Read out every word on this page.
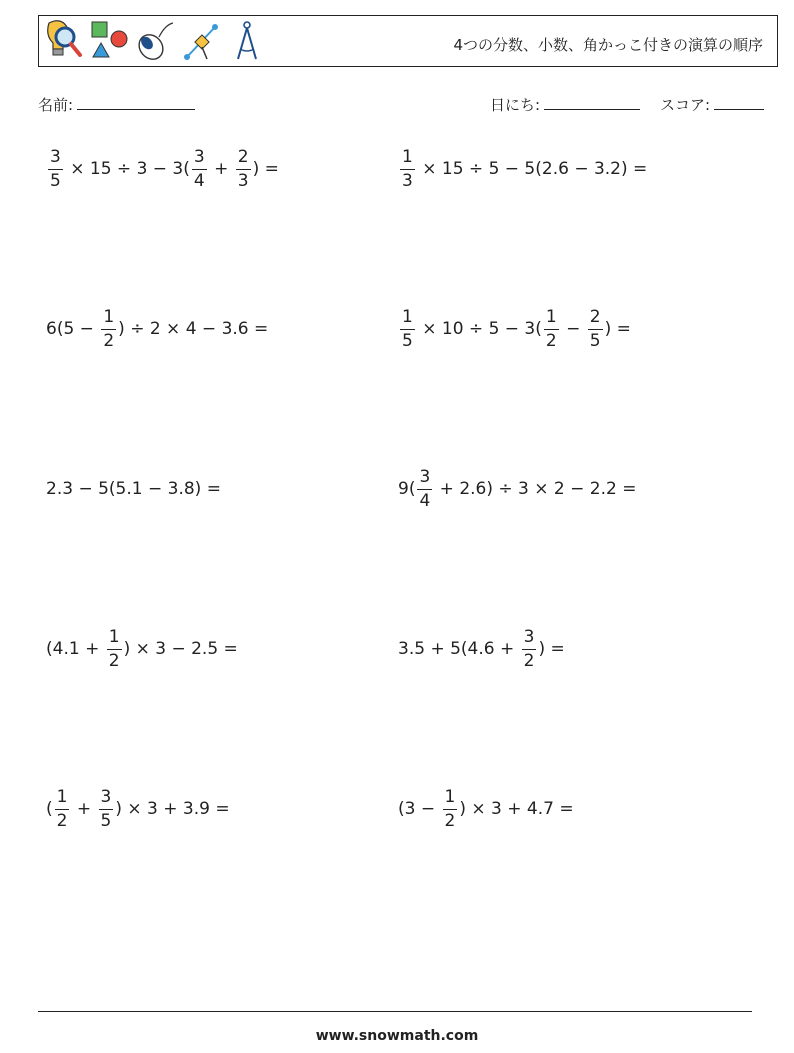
4つの分数、小数、角かっこ付きの演算の順序
名前:	日にち:	スコア:
$\frac{3}{5} \times 15 \div 3 - 3( \frac{3}{4} + \frac{2}{3}$ ) =	$\frac{1}{3} \times 15 \div 5 - 5(2.6 - 3.2)$ =
$6(5 - \frac{1}{2}$ ) ÷ 2 × 4 − 3.6 =	$\frac{1}{5} \times 10 \div 5 - 3( \frac{1}{2} - \frac{2}{5}$ ) =
2.3 − 5(5.1 − 3.8) =	$9( \frac{3}{4} + 2.6) \div 3 \times 2 - 2.2$ =
($4.1 + \frac{1}{2}$ ) × 3 − 2.5 =	$3.5 + 5(4.6 + \frac{3}{2}$ ) =
( $\frac{1}{2} + \frac{3}{5}$ ) × 3 + 3.9 =	($3 - \frac{1}{2}$ ) × 3 + 4.7 =
www.snowmath.com
